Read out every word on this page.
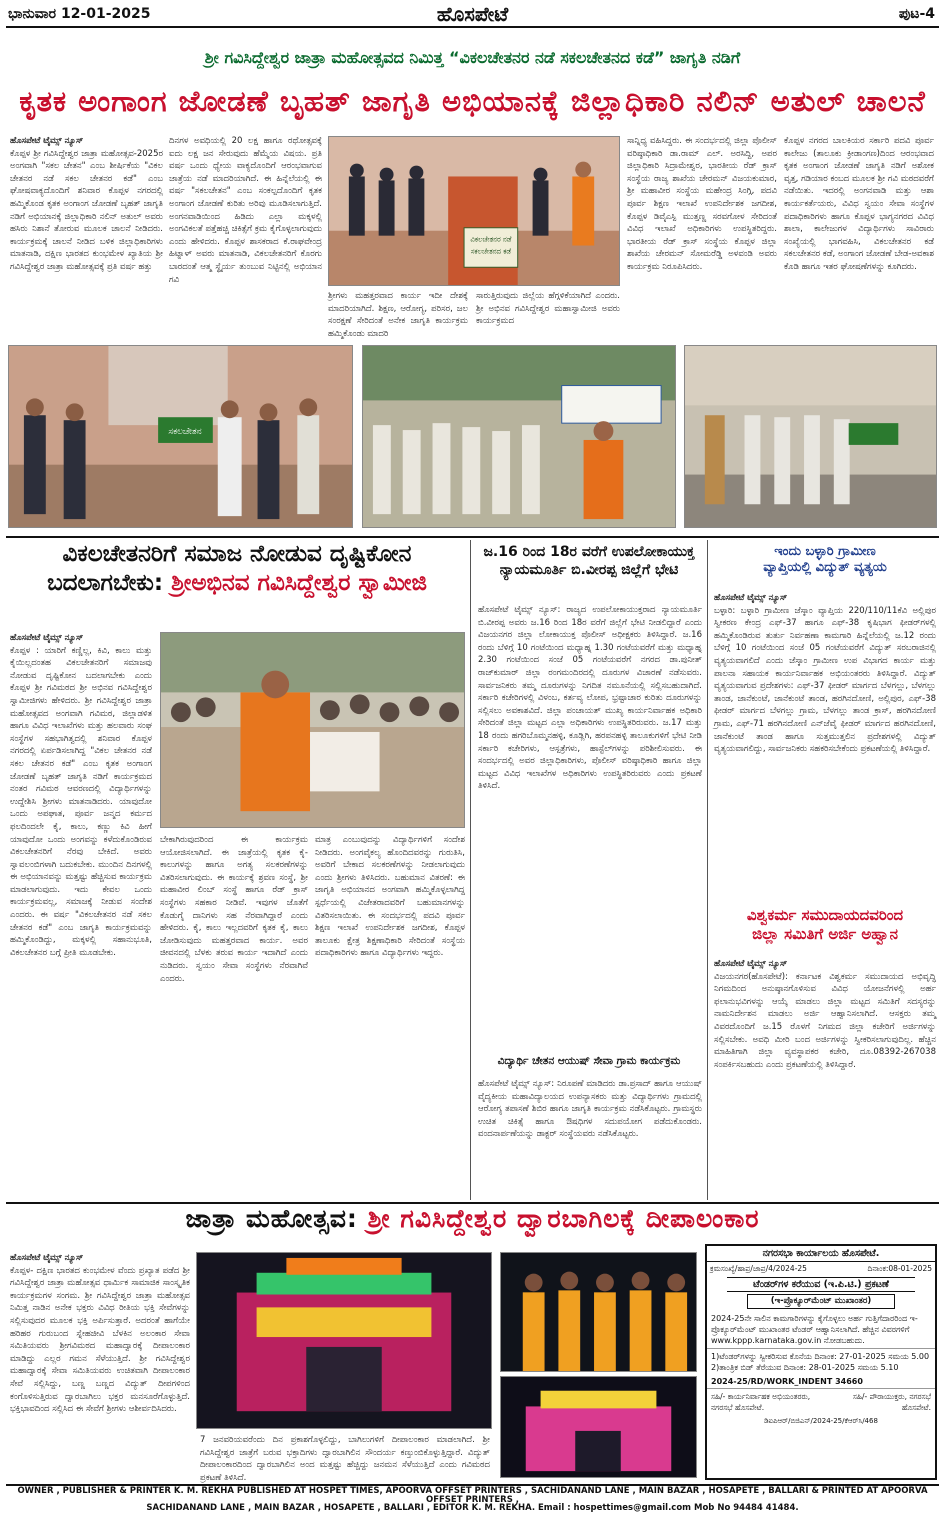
ಭಾನುವಾರ 12-01-2025	ಹೊಸಪೇಟೆ	ಪುಟ-4
ಶ್ರೀ ಗವಿಸಿದ್ದೇಶ್ವರ ಜಾತ್ರಾ ಮಹೋತ್ಸವದ ನಿಮಿತ್ತ “ವಿಕಲಚೇತನರ ನಡೆ ಸಕಲಚೇತನದ ಕಡೆ” ಜಾಗೃತಿ ನಡಿಗೆ
ಕೃತಕ ಅಂಗಾಂಗ ಜೋಡಣೆ ಬೃಹತ್ ಜಾಗೃತಿ ಅಭಿಯಾನಕ್ಕೆ ಜಿಲ್ಲಾಧಿಕಾರಿ ನಲಿನ್ ಅತುಲ್ ಚಾಲನೆ
ಹೊಸಪೇಟೆ ಟೈಮ್ಸ್ ನ್ಯೂಸ್
ಕೊಪ್ಪಳ ಶ್ರೀ ಗವಿಸಿದ್ದೇಶ್ವರ ಜಾತ್ರಾ ಮಹೋತ್ಸವ-2025ರ ಅಂಗವಾಗಿ "ಸಕಲ ಚೇತನ" ಎಂಬ ಶೀರ್ಷಿಕೆಯ "ವಿಕಲ ಚೇತನರ ನಡೆ ಸಕಲ ಚೇತನರ ಕಡೆ" ಎಂಬ ಘೋಷವಾಕ್ಯದೊಂದಿಗೆ ಶನಿವಾರ ಕೊಪ್ಪಳ ನಗರದಲ್ಲಿ ಹಮ್ಮಿಕೊಂಡ ಕೃತಕ ಅಂಗಾಂಗ ಜೋಡಣೆ ಬೃಹತ್ ಜಾಗೃತಿ ನಡಿಗೆ ಅಭಿಯಾನಕ್ಕೆ ಜಿಲ್ಲಾಧಿಕಾರಿ ನಲಿನ್ ಅತುಲ್ ಅವರು ಹಸಿರು ನಿಶಾನೆ ತೋರುವ ಮೂಲಕ ಚಾಲನೆ ನೀಡಿದರು. ಕಾರ್ಯಕ್ರಮಕ್ಕೆ ಚಾಲನೆ ನೀಡಿದ ಬಳಿಕ ಜಿಲ್ಲಾಧಿಕಾರಿಗಳು ಮಾತನಾಡಿ, ದಕ್ಷಿಣ ಭಾರತದ ಕುಂಭಮೇಳ ಖ್ಯಾತಿಯ ಶ್ರೀ ಗವಿಸಿದ್ದೇಶ್ವರ ಜಾತ್ರಾ ಮಹೋತ್ಸವಕ್ಕೆ ಪ್ರತಿ ವರ್ಷ ಹತ್ತು
ದಿನಗಳ ಅವಧಿಯಲ್ಲಿ 20 ಲಕ್ಷ ಹಾಗೂ ರಥೋತ್ಸವಕ್ಕೆ ಐದು ಲಕ್ಷ ಜನ ಸೇರುವುದು ಹೆಮ್ಮೆಯ ವಿಷಯ. ಪ್ರತಿ ವರ್ಷ ಒಂದು ಧ್ಯೇಯ ವಾಕ್ಯದೊಂದಿಗೆ ಆರಂಭವಾಗುವ ಜಾತ್ರೆಯ ನಡೆ ಮಾದರಿಯಾಗಿದೆ. ಈ ಹಿನ್ನೆಲೆಯಲ್ಲಿ ಈ ವರ್ಷ "ಸಕಲಚೇತನ" ಎಂಬ ಸಂಕಲ್ಪದೊಂದಿಗೆ ಕೃತಕ ಅಂಗಾಂಗ ಜೋಡಣೆ ಕುರಿತು ಅರಿವು ಮೂಡಿಸಲಾಗುತ್ತಿದೆ. ಅಂಗನವಾಡಿಯಿಂದ ಹಿಡಿದು ಎಲ್ಲಾ ಮಕ್ಕಳಲ್ಲಿ ಅಂಗವಿಕಲತೆ ಪತ್ತೆಹಚ್ಚಿ ಚಿಕಿತ್ಸೆಗೆ ಕ್ರಮ ಕೈಗೊಳ್ಳಲಾಗುವುದು ಎಂದು ಹೇಳಿದರು. ಕೊಪ್ಪಳ ಶಾಸಕರಾದ ಕೆ.ರಾಘವೇಂದ್ರ ಹಿಟ್ನಾಳ್ ಅವರು ಮಾತನಾಡಿ, ವಿಕಲಚೇತನರಿಗೆ ಕೊರಗು ಬಾರದಂತೆ ಆತ್ಮ ಸ್ಥೈರ್ಯ ತುಂಬುವ ನಿಟ್ಟಿನಲ್ಲಿ ಅಭಿಯಾನ ಗವಿ
ವಿಕಲಚೇತನರ ನಡೆ
ಸಕಲಚೇತನದ ಕಡೆ
ಶ್ರೀಗಳು ಮಹತ್ತರವಾದ ಕಾರ್ಯ ಇದೀ ದೇಶಕ್ಕೆ ಮಾದರಿಯಾಗಿದೆ. ಶಿಕ್ಷಣ, ಆರೋಗ್ಯ, ಪರಿಸರ, ಜಲ ಸಂರಕ್ಷಣೆ ಸೇರಿದಂತೆ ಅನೇಕ ಜಾಗೃತಿ ಕಾರ್ಯಕ್ರಮ ಹಮ್ಮಿಕೊಂಡು ಮಾದರಿ
ಸಾರುತ್ತಿರುವುದು ಜಿಲ್ಲೆಯ ಹೆಗ್ಗಳಿಕೆಯಾಗಿದೆ ಎಂದರು. ಶ್ರೀ ಅಭಿನವ ಗವಿಸಿದ್ದೇಶ್ವರ ಮಹಾಸ್ವಾಮೀಜಿ ಅವರು ಕಾರ್ಯಕ್ರಮದ
ಸಾನ್ನಿಧ್ಯ ವಹಿಸಿದ್ದರು. ಈ ಸಂದರ್ಭದಲ್ಲಿ ಜಿಲ್ಲಾ ಪೊಲೀಸ್ ವರಿಷ್ಠಾಧಿಕಾರಿ ಡಾ.ರಾಮ್ ಎಲ್. ಅರಸಿದ್ದಿ, ಅಪರ ಜಿಲ್ಲಾಧಿಕಾರಿ ಸಿದ್ರಾಮೇಶ್ವರ, ಭಾರತೀಯ ರೆಡ್ ಕ್ರಾಸ್ ಸಂಸ್ಥೆಯ ರಾಜ್ಯ ಶಾಖೆಯ ಚೇರಮನ್ ವಿಜಯಕುಮಾರ, ಶ್ರೀ ಮಹಾವೀರ ಸಂಸ್ಥೆಯ ಮಹೇಂದ್ರ ಸಿಂಗ್ಗಿ, ಪದವಿ ಪೂರ್ವ ಶಿಕ್ಷಣ ಇಲಾಖೆ ಉಪನಿರ್ದೇಶಕ ಜಗದೀಶ, ಕೊಪ್ಪಳ ಡಿವೈಎಸ್ಪಿ ಮುತ್ತಣ್ಣ ಸರವಗೋಳ ಸೇರಿದಂತೆ ವಿವಿಧ ಇಲಾಖೆ ಅಧಿಕಾರಿಗಳು ಉಪಸ್ಥಿತರಿದ್ದರು. ಭಾರತೀಯ ರೆಡ್ ಕ್ರಾಸ್ ಸಂಸ್ಥೆಯ ಕೊಪ್ಪಳ ಜಿಲ್ಲಾ ಶಾಖೆಯ ಚೇರಮನ್ ಸೋಮರೆಡ್ಡಿ ಅಳವಂಡಿ ಅವರು ಕಾರ್ಯಕ್ರಮ ನಿರೂಪಿಸಿದರು.
ಕೊಪ್ಪಳ ನಗರದ ಬಾಲಕಿಯರ ಸರ್ಕಾರಿ ಪದವಿ ಪೂರ್ವ ಕಾಲೇಜು (ತಾಲೂಕು ಕ್ರೀಡಾಂಗಣ)ದಿಂದ ಆರಂಭವಾದ ಕೃತಕ ಅಂಗಾಂಗ ಜೋಡಣೆ ಜಾಗೃತಿ ನಡಿಗೆ ಅಶೋಕ ವೃತ್ತ, ಗಡಿಯಾರ ಕಂಬದ ಮೂಲಕ ಶ್ರೀ ಗವಿ ಮಠದವರೆಗೆ ನಡೆಯಿತು. ಇದರಲ್ಲಿ ಅಂಗನವಾಡಿ ಮತ್ತು ಆಶಾ ಕಾರ್ಯಕರ್ತೆಯರು, ವಿವಿಧ ಸ್ವಯಂ ಸೇವಾ ಸಂಸ್ಥೆಗಳ ಪದಾಧಿಕಾರಿಗಳು ಹಾಗೂ ಕೊಪ್ಪಳ ಭಾಗ್ಯನಗರದ ವಿವಿಧ ಶಾಲಾ, ಕಾಲೇಜುಗಳ ವಿದ್ಯಾರ್ಥಿಗಳು ಸಾವಿರಾರು ಸಂಖ್ಯೆಯಲ್ಲಿ ಭಾಗವಹಿಸಿ, ವಿಕಲಚೇತನರ ಕಡೆ ಸಕಲಚೇತನರ ಕಡೆ, ಅಂಗಾಂಗ ಜೋಡಣೆ ಬೇಡ-ಅವಕಾಶ ಕೊಡಿ ಹಾಗೂ ಇತರ ಘೋಷಣೆಗಳನ್ನು ಕೂಗಿದರು.
ಸಕಲಚೇತನ
ವಿಕಲಚೇತನರಿಗೆ ಸಮಾಜ ನೋಡುವ ದೃಷ್ಟಿಕೋನ
ಬದಲಾಗಬೇಕು: ಶ್ರೀಅಭಿನವ ಗವಿಸಿದ್ದೇಶ್ವರ ಸ್ವಾಮೀಜಿ
ಹೊಸಪೇಟೆ ಟೈಮ್ಸ್ ನ್ಯೂಸ್
ಕೊಪ್ಪಳ : ಯಾರಿಗೆ ಕಣ್ಣಿಲ್ಲ, ಕಿವಿ, ಕಾಲು ಮತ್ತು ಕೈಯಿಲ್ಲದಂತಹ ವಿಕಲಚೇತನರಿಗೆ ಸಮಾಜವು ನೋಡುವ ದೃಷ್ಟಿಕೋನ ಬದಲಾಗಬೇಕು ಎಂದು ಕೊಪ್ಪಳ ಶ್ರೀ ಗವಿಮಠದ ಶ್ರೀ ಅಭಿನವ ಗವಿಸಿದ್ದೇಶ್ವರ ಸ್ವಾಮೀಜಿಗಳು ಹೇಳಿದರು. ಶ್ರೀ ಗವಿಸಿದ್ದೇಶ್ವರ ಜಾತ್ರಾ ಮಹೋತ್ಸವದ ಅಂಗವಾಗಿ ಗವಿಮಠ, ಜಿಲ್ಲಾಡಳಿತ ಹಾಗೂ ವಿವಿಧ ಇಲಾಖೆಗಳು ಮತ್ತು ಹಲವಾರು ಸಂಘ ಸಂಸ್ಥೆಗಳ ಸಹಭಾಗಿತ್ವದಲ್ಲಿ ಶನಿವಾರ ಕೊಪ್ಪಳ ನಗರದಲ್ಲಿ ಏರ್ಪಡಿಸಲಾಗಿದ್ದ "ವಿಕಲ ಚೇತನರ ನಡೆ ಸಕಲ ಚೇತನರ ಕಡೆ" ಎಂಬ ಕೃತಕ ಅಂಗಾಂಗ ಜೋಡಣೆ ಬೃಹತ್ ಜಾಗೃತಿ ನಡಿಗೆ ಕಾರ್ಯಕ್ರಮದ ನಂತರ ಗವಿಮಠ ಆವರಣದಲ್ಲಿ ವಿದ್ಯಾರ್ಥಿಗಳನ್ನು ಉದ್ದೇಶಿಸಿ ಶ್ರೀಗಳು ಮಾತನಾಡಿದರು. ಯಾವುದೋ ಒಂದು ಅಪಘಾತ, ಪೂರ್ವ ಜನ್ಮದ ಕರ್ಮದ ಫಲದಿಂದಲೇ ಕೈ, ಕಾಲು, ಕಣ್ಣು ಕಿವಿ ಹೀಗೆ ಯಾವುದೋ ಒಂದು ಅಂಗವನ್ನು ಕಳೆದುಕೊಂಡಿರುವ ವಿಕಲಚೇತನರಿಗೆ ನೆರವು ಬೇಕಿದೆ. ಅವರು ಸ್ವಾವಲಂಬಿಗಳಾಗಿ ಬದುಕಬೇಕು. ಮುಂದಿನ ದಿನಗಳಲ್ಲಿ ಈ ಅಭಿಯಾನವನ್ನು ಮತ್ತಷ್ಟು ಹೆಚ್ಚಿಸುವ ಕಾರ್ಯಕ್ರಮ ಮಾಡಲಾಗುವುದು. ಇದು ಕೇವಲ ಒಂದು ಕಾರ್ಯಕ್ರಮವಲ್ಲ, ಸಮಾಜಕ್ಕೆ ನೀಡುವ ಸಂದೇಶ ಎಂದರು. ಈ ವರ್ಷ "ವಿಕಲಚೇತನರ ನಡೆ ಸಕಲ ಚೇತನರ ಕಡೆ" ಎಂಬ ಜಾಗೃತಿ ಕಾರ್ಯಕ್ರಮವನ್ನು ಹಮ್ಮಿಕೊಂಡಿದ್ದು, ಮಕ್ಕಳಲ್ಲಿ ಸಹಾನುಭೂತಿ, ವಿಕಲಚೇತನರ ಬಗ್ಗೆ ಪ್ರೀತಿ ಮೂಡಬೇಕು.
ಬೇಕಾಗಿರುವುದರಿಂದ ಈ ಕಾರ್ಯಕ್ರಮ ಆಯೋಜಿಸಲಾಗಿದೆ. ಈ ಜಾತ್ರೆಯಲ್ಲಿ ಕೃತಕ ಕೈ-ಕಾಲುಗಳನ್ನು ಹಾಗೂ ಅಗತ್ಯ ಸಲಕರಣೆಗಳನ್ನು ವಿತರಿಸಲಾಗುವುದು. ಈ ಕಾರ್ಯಕ್ಕೆ ಶ್ರವಣ ಸಂಸ್ಥೆ, ಶ್ರೀ ಮಹಾವೀರ ಲಿಂಬ್ ಸಂಸ್ಥೆ ಹಾಗೂ ರೆಡ್ ಕ್ರಾಸ್ ಸಂಸ್ಥೆಗಳು ಸಹಕಾರ ನೀಡಿವೆ. ಇವುಗಳ ಜೊತೆಗೆ ಕೊಡುಗೈ ದಾನಿಗಳು ಸಹ ನೆರವಾಗಿದ್ದಾರೆ ಎಂದು ಹೇಳಿದರು. ಕೈ, ಕಾಲು ಇಲ್ಲದವರಿಗೆ ಕೃತಕ ಕೈ, ಕಾಲು ಜೋಡಿಸುವುದು ಮಹತ್ತರವಾದ ಕಾರ್ಯ. ಅವರ ಜೀವನದಲ್ಲಿ ಬೆಳಕು ತರುವ ಕಾರ್ಯ ಇದಾಗಿದೆ ಎಂದು ನುಡಿದರು. ಸ್ವಯಂ ಸೇವಾ ಸಂಸ್ಥೆಗಳು ನೆರವಾಗಿವೆ ಎಂದರು.
ಮಾತ್ರ ಎಂಬುವುದನ್ನು ವಿದ್ಯಾರ್ಥಿಗಳಿಗೆ ಸಂದೇಶ ನೀಡಿದರು. ಅಂಗವೈಕಲ್ಯ ಹೊಂದಿದವರನ್ನು ಗುರುತಿಸಿ, ಅವರಿಗೆ ಬೇಕಾದ ಸಲಕರಣೆಗಳನ್ನು ನೀಡಲಾಗುವುದು ಎಂದು ಶ್ರೀಗಳು ತಿಳಿಸಿದರು. ಬಹುಮಾನ ವಿತರಣೆ: ಈ ಜಾಗೃತಿ ಅಭಿಯಾನದ ಅಂಗವಾಗಿ ಹಮ್ಮಿಕೊಳ್ಳಲಾಗಿದ್ದ ಸ್ಪರ್ಧೆಯಲ್ಲಿ ವಿಜೇತರಾದವರಿಗೆ ಬಹುಮಾನಗಳನ್ನು ವಿತರಿಸಲಾಯಿತು. ಈ ಸಂದರ್ಭದಲ್ಲಿ ಪದವಿ ಪೂರ್ವ ಶಿಕ್ಷಣ ಇಲಾಖೆ ಉಪನಿರ್ದೇಶಕ ಜಗದೀಶ, ಕೊಪ್ಪಳ ತಾಲೂಕು ಕ್ಷೇತ್ರ ಶಿಕ್ಷಣಾಧಿಕಾರಿ ಸೇರಿದಂತೆ ಸಂಸ್ಥೆಯ ಪದಾಧಿಕಾರಿಗಳು ಹಾಗೂ ವಿದ್ಯಾರ್ಥಿಗಳು ಇದ್ದರು.
ಜ.16 ರಿಂದ 18ರ ವರೆಗೆ ಉಪಲೋಕಾಯುಕ್ತ
ನ್ಯಾಯಮೂರ್ತಿ ಬಿ.ವೀರಪ್ಪ ಜಿಲ್ಲೆಗೆ ಭೇಟಿ
ಹೊಸಪೇಟೆ ಟೈಮ್ಸ್ ನ್ಯೂಸ್: ರಾಜ್ಯದ ಉಪಲೋಕಾಯುಕ್ತರಾದ ನ್ಯಾಯಮೂರ್ತಿ ಬಿ.ವೀರಪ್ಪ ಅವರು ಜ.16 ರಿಂದ 18ರ ವರೆಗೆ ಜಿಲ್ಲೆಗೆ ಭೇಟಿ ನೀಡಲಿದ್ದಾರೆ ಎಂದು ವಿಜಯನಗರ ಜಿಲ್ಲಾ ಲೋಕಾಯುಕ್ತ ಪೊಲೀಸ್ ಅಧೀಕ್ಷಕರು ತಿಳಿಸಿದ್ದಾರೆ. ಜ.16 ರಂದು ಬೆಳಿಗ್ಗೆ 10 ಗಂಟೆಯಿಂದ ಮಧ್ಯಾಹ್ನ 1.30 ಗಂಟೆಯವರೆಗೆ ಮತ್ತು ಮಧ್ಯಾಹ್ನ 2.30 ಗಂಟೆಯಿಂದ ಸಂಜೆ 05 ಗಂಟೆಯವರೆಗೆ ನಗರದ ಡಾ.ಪುನೀತ್ ರಾಜ್‍ಕುಮಾರ್ ಜಿಲ್ಲಾ ರಂಗಮಂದಿರದಲ್ಲಿ ದೂರುಗಳ ವಿಚಾರಣೆ ನಡೆಸುವರು. ಸಾರ್ವಜನಿಕರು ತಮ್ಮ ದೂರುಗಳನ್ನು ನಿಗದಿತ ನಮೂನೆಯಲ್ಲಿ ಸಲ್ಲಿಸಬಹುದಾಗಿದೆ. ಸರ್ಕಾರಿ ಕಚೇರಿಗಳಲ್ಲಿ ವಿಳಂಬ, ಕರ್ತವ್ಯ ಲೋಪ, ಭ್ರಷ್ಟಾಚಾರ ಕುರಿತು ದೂರುಗಳನ್ನು ಸಲ್ಲಿಸಲು ಅವಕಾಶವಿದೆ. ಜಿಲ್ಲಾ ಪಂಚಾಯತ್ ಮುಖ್ಯ ಕಾರ್ಯನಿರ್ವಾಹಕ ಅಧಿಕಾರಿ ಸೇರಿದಂತೆ ಜಿಲ್ಲಾ ಮಟ್ಟದ ಎಲ್ಲಾ ಅಧಿಕಾರಿಗಳು ಉಪಸ್ಥಿತರಿರುವರು. ಜ.17 ಮತ್ತು 18 ರಂದು ಹಗರಿಬೊಮ್ಮನಹಳ್ಳಿ, ಕೂಡ್ಲಿಗಿ, ಹರಪನಹಳ್ಳಿ ತಾಲೂಕುಗಳಿಗೆ ಭೇಟಿ ನೀಡಿ ಸರ್ಕಾರಿ ಕಚೇರಿಗಳು, ಆಸ್ಪತ್ರೆಗಳು, ಹಾಸ್ಟೆಲ್‍ಗಳನ್ನು ಪರಿಶೀಲಿಸುವರು. ಈ ಸಂದರ್ಭದಲ್ಲಿ ಅವರ ಜಿಲ್ಲಾಧಿಕಾರಿಗಳು, ಪೊಲೀಸ್ ವರಿಷ್ಠಾಧಿಕಾರಿ ಹಾಗೂ ಜಿಲ್ಲಾ ಮಟ್ಟದ ವಿವಿಧ ಇಲಾಖೆಗಳ ಅಧಿಕಾರಿಗಳು ಉಪಸ್ಥಿತರಿರುವರು ಎಂದು ಪ್ರಕಟಣೆ ತಿಳಿಸಿದೆ.
ವಿದ್ಯಾರ್ಥಿ ಚೇತನ ಆಯುಷ್ ಸೇವಾ ಗ್ರಾಮ ಕಾರ್ಯಕ್ರಮ
ಹೊಸಪೇಟೆ ಟೈಮ್ಸ್ ನ್ಯೂಸ್: ನಿರೂಪಣೆ ಮಾಡಿದರು ಡಾ.ಪ್ರಸಾದ್ ಹಾಗೂ ಆಯುಷ್ ವೈದ್ಯಕೀಯ ಮಹಾವಿದ್ಯಾಲಯದ ಉಪನ್ಯಾಸಕರು ಮತ್ತು ವಿದ್ಯಾರ್ಥಿಗಳು ಗ್ರಾಮದಲ್ಲಿ ಆರೋಗ್ಯ ತಪಾಸಣೆ ಶಿಬಿರ ಹಾಗೂ ಜಾಗೃತಿ ಕಾರ್ಯಕ್ರಮ ನಡೆಸಿಕೊಟ್ಟರು. ಗ್ರಾಮಸ್ಥರು ಉಚಿತ ಚಿಕಿತ್ಸೆ ಹಾಗೂ ಔಷಧಿಗಳ ಸದುಪಯೋಗ ಪಡೆದುಕೊಂಡರು. ವಂದನಾರ್ಪಣೆಯನ್ನು ಡಾಕ್ಟರ್ ಸಂಸ್ಥೆಯವರು ನಡೆಸಿಕೊಟ್ಟರು.
ಇಂದು ಬಳ್ಳಾರಿ ಗ್ರಾಮೀಣ
ವ್ಯಾಪ್ತಿಯಲ್ಲಿ ವಿದ್ಯುತ್ ವ್ಯತ್ಯಯ
ಹೊಸಪೇಟೆ ಟೈಮ್ಸ್ ನ್ಯೂಸ್
ಬಳ್ಳಾರಿ: ಬಳ್ಳಾರಿ ಗ್ರಾಮೀಣ ಜೆಸ್ಕಾಂ ವ್ಯಾಪ್ತಿಯ 220/110/11ಕೆವಿ ಅಲ್ಲಿಪುರ ಸ್ವೀಕರಣ ಕೇಂದ್ರ ಎಫ್-37 ಹಾಗೂ ಎಫ್-38 ಕೃಷಿಭಾಗ ಫೀಡರ್‌ಗಳಲ್ಲಿ ಹಮ್ಮಿಕೊಂಡಿರುವ ತುರ್ತು ನಿರ್ವಹಣಾ ಕಾಮಗಾರಿ ಹಿನ್ನೆಲೆಯಲ್ಲಿ ಜ.12 ರಂದು ಬೆಳಿಗ್ಗೆ 10 ಗಂಟೆಯಿಂದ ಸಂಜೆ 05 ಗಂಟೆಯವರೆಗೆ ವಿದ್ಯುತ್ ಸರಬರಾಜಿನಲ್ಲಿ ವ್ಯತ್ಯಯವಾಗಲಿದೆ ಎಂದು ಜೆಸ್ಕಾಂ ಗ್ರಾಮೀಣ ಉಪ ವಿಭಾಗದ ಕಾರ್ಯ ಮತ್ತು ಪಾಲನಾ ಸಹಾಯಕ ಕಾರ್ಯನಿರ್ವಾಹಕ ಅಭಿಯಂತರರು ತಿಳಿಸಿದ್ದಾರೆ. ವಿದ್ಯುತ್ ವ್ಯತ್ಯಯವಾಗುವ ಪ್ರದೇಶಗಳು: ಎಫ್-37 ಫೀಡರ್ ಮಾರ್ಗದ ಬೆಳಗಲ್ಲು, ಬೆಳಗಲ್ಲು ತಾಂಡ, ಜಾನೆಕುಂಟೆ, ಜಾನೆಕುಂಟೆ ತಾಂಡ, ಹರಗಿನದೋಣಿ, ಅಲ್ಲಿಪುರ, ಎಫ್-38 ಫೀಡರ್ ಮಾರ್ಗದ ಬೆಳಗಲ್ಲು ಗ್ರಾಮ, ಬೆಳಗಲ್ಲು ತಾಂಡ ಕ್ರಾಸ್, ಹರಗಿನದೋಣಿ ಗ್ರಾಮ, ಎಫ್-71 ಹರಗಿನದೋಣಿ ಎನ್‌ಜೆವೈ ಫೀಡರ್ ಮಾರ್ಗದ ಹರಗಿನದೋಣಿ, ಜಾನೆಕುಂಟೆ ತಾಂಡ ಹಾಗೂ ಸುತ್ತಮುತ್ತಲಿನ ಪ್ರದೇಶಗಳಲ್ಲಿ ವಿದ್ಯುತ್ ವ್ಯತ್ಯಯವಾಗಲಿದ್ದು, ಸಾರ್ವಜನಿಕರು ಸಹಕರಿಸಬೇಕೆಂದು ಪ್ರಕಟಣೆಯಲ್ಲಿ ತಿಳಿಸಿದ್ದಾರೆ.
ವಿಶ್ವಕರ್ಮ ಸಮುದಾಯದವರಿಂದ
ಜಿಲ್ಲಾ ಸಮಿತಿಗೆ ಅರ್ಜಿ ಅಹ್ವಾನ
ಹೊಸಪೇಟೆ ಟೈಮ್ಸ್ ನ್ಯೂಸ್
ವಿಜಯನಗರ(ಹೊಸಪೇಟೆ): ಕರ್ನಾಟಕ ವಿಶ್ವಕರ್ಮ ಸಮುದಾಯದ ಅಭಿವೃದ್ಧಿ ನಿಗಮದಿಂದ ಅನುಷ್ಠಾನಗೊಳಿಸುವ ವಿವಿಧ ಯೋಜನೆಗಳಲ್ಲಿ ಅರ್ಹ ಫಲಾನುಭವಿಗಳನ್ನು ಆಯ್ಕೆ ಮಾಡಲು ಜಿಲ್ಲಾ ಮಟ್ಟದ ಸಮಿತಿಗೆ ಸದಸ್ಯರನ್ನು ನಾಮನಿರ್ದೇಶನ ಮಾಡಲು ಅರ್ಜಿ ಆಹ್ವಾನಿಸಲಾಗಿದೆ. ಆಸಕ್ತರು ತಮ್ಮ ವಿವರದೊಂದಿಗೆ ಜ.15 ರೊಳಗೆ ನಿಗಮದ ಜಿಲ್ಲಾ ಕಚೇರಿಗೆ ಅರ್ಜಿಗಳನ್ನು ಸಲ್ಲಿಸಬೇಕು. ಅವಧಿ ಮೀರಿ ಬಂದ ಅರ್ಜಿಗಳನ್ನು ಸ್ವೀಕರಿಸಲಾಗುವುದಿಲ್ಲ. ಹೆಚ್ಚಿನ ಮಾಹಿತಿಗಾಗಿ ಜಿಲ್ಲಾ ವ್ಯವಸ್ಥಾಪಕರ ಕಚೇರಿ, ದೂ.08392-267038 ಸಂಪರ್ಕಿಸಬಹುದು ಎಂದು ಪ್ರಕಟಣೆಯಲ್ಲಿ ತಿಳಿಸಿದ್ದಾರೆ.
ಜಾತ್ರಾ ಮಹೋತ್ಸವ: ಶ್ರೀ ಗವಿಸಿದ್ದೇಶ್ವರ ದ್ವಾರಬಾಗಿಲಕ್ಕೆ ದೀಪಾಲಂಕಾರ
ಹೊಸಪೇಟೆ ಟೈಮ್ಸ್ ನ್ಯೂಸ್
ಕೊಪ್ಪಳ- ದಕ್ಷಿಣ ಭಾರತದ ಕುಂಭಮೇಳ ವೆಂದು ಪ್ರಖ್ಯಾತ ಪಡೆದ ಶ್ರೀ ಗವಿಸಿದ್ದೇಶ್ವರ ಜಾತ್ರಾ ಮಹೋತ್ಸವ ಧಾರ್ಮಿಕ ಸಾಮಾಜಿಕ ಸಾಂಸ್ಕೃತಿಕ ಕಾರ್ಯಕ್ರಮಗಳ ಸಂಗಮ. ಶ್ರೀ ಗವಿಸಿದ್ದೇಶ್ವರ ಜಾತ್ರಾ ಮಹೋತ್ಸವ ನಿಮಿತ್ತ ನಾಡಿನ ಅನೇಕ ಭಕ್ತರು ವಿವಿಧ ರೀತಿಯ ಭಕ್ತಿ ಸೇವೆಗಳನ್ನು ಸಲ್ಲಿಸುವುದರ ಮೂಲಕ ಭಕ್ತಿ ಅರ್ಪಿಸುತ್ತಾರೆ. ಅದರಂತೆ ಹಾಗೆಯೇ ಹರಿಹರ ಗುರುಬಂದ ಸ್ನೇಹಜೀವಿ ಬೆಳಕಿನ ಅಲಂಕಾರ ಸೇವಾ ಸಮಿತಿಯವರು ಶ್ರೀಗವಿಮಠದ ಮಹಾದ್ವಾರಕ್ಕೆ ದೀಪಾಲಂಕಾರ ಮಾಡಿದ್ದು ಎಲ್ಲರ ಗಮನ ಸೆಳೆಯುತ್ತಿದೆ. ಶ್ರೀ ಗವಿಸಿದ್ದೇಶ್ವರ ಮಹಾದ್ವಾರಕ್ಕೆ ಸೇವಾ ಸಮಿತಿಯವರು ಉಚಿತವಾಗಿ ದೀಪಾಲಂಕಾರ ಸೇವೆ ಸಲ್ಲಿಸಿದ್ದು, ಬಣ್ಣ ಬಣ್ಣದ ವಿದ್ಯುತ್ ದೀಪಗಳಿಂದ ಕಂಗೊಳಿಸುತ್ತಿರುವ ದ್ವಾರಬಾಗಿಲು ಭಕ್ತರ ಮನಸೂರೆಗೊಳ್ಳುತ್ತಿದೆ. ಭಕ್ತಿಭಾವದಿಂದ ಸಲ್ಲಿಸಿದ ಈ ಸೇವೆಗೆ ಶ್ರೀಗಳು ಆಶೀರ್ವದಿಸಿದರು.
7 ಜನವರಿಯವರೆಂದು ದಿನ ಪ್ರಕಾಶಗೊಳ್ಳಲಿದ್ದು, ಬಾಗಿಲುಗಳಿಗೆ ದೀಪಾಲಂಕಾರ ಮಾಡಲಾಗಿದೆ. ಶ್ರೀ ಗವಿಸಿದ್ದೇಶ್ವರ ಜಾತ್ರೆಗೆ ಬರುವ ಭಕ್ತಾದಿಗಳು ದ್ವಾರಬಾಗಿಲಿನ ಸೌಂದರ್ಯ ಕಣ್ತುಂಬಿಕೊಳ್ಳುತ್ತಿದ್ದಾರೆ. ವಿದ್ಯುತ್ ದೀಪಾಲಂಕಾರದಿಂದ ದ್ವಾರಬಾಗಿಲಿನ ಅಂದ ಮತ್ತಷ್ಟು ಹೆಚ್ಚಿದ್ದು ಜನಮನ ಸೆಳೆಯುತ್ತಿದೆ ಎಂದು ಗವಿಮಠದ ಪ್ರಕಟಣೆ ತಿಳಿಸಿದೆ.
ನಗರಸಭಾ ಕಾರ್ಯಾಲಯ ಹೊಸಪೇಟೆ.
ಕ್ರಮಸಂಖ್ಯೆ/ಹಾಪ್ರ/ಜಾಪ್ರ/4/2024-25	ದಿನಾಂಕ:08-01-2025
ಟೆಂಡರ್‌ಗಳ ಕರೆಯುವ (ಇ.ಪಿ.ಟಿ.) ಪ್ರಕಟಣೆ
(ಇ-ಪ್ರೊಕ್ಯೂರ್‌ಮೆಂಟ್ ಮುಖಾಂತರ)
2024-25ನೇ ಸಾಲಿನ ಕಾಮಗಾರಿಗಳನ್ನು ಕೈಗೊಳ್ಳಲು ಅರ್ಹ ಗುತ್ತಿಗೆದಾರರಿಂದ ಇ-ಪ್ರೊಕ್ಯೂರ್‌ಮೆಂಟ್ ಮುಖಾಂತರ ಟೆಂಡರ್ ಆಹ್ವಾನಿಸಲಾಗಿದೆ. ಹೆಚ್ಚಿನ ವಿವರಗಳಿಗೆ www.kppp.karnataka.gov.in ನೋಡಬಹುದು.
1)ಟೆಂಡರ್‌ಗಳನ್ನು ಸ್ವೀಕರಿಸುವ ಕೊನೆಯ ದಿನಾಂಕ: 27-01-2025 ಸಮಯ 5.00 2)ತಾಂತ್ರಿಕ ಬಿಡ್ ತೆರೆಯುವ ದಿನಾಂಕ: 28-01-2025 ಸಮಯ 5.10
2024-25/RD/WORK_INDENT 34660
ಸಹಿ/- ಕಾರ್ಯನಿರ್ವಾಹಕ ಅಭಿಯಂತರರು, ನಗರಸಭೆ ಹೊಸಪೇಟೆ.
ಸಹಿ/- ಪೌರಾಯುಕ್ತರು, ನಗರಸಭೆ ಹೊಸಪೇಟೆ.
ಡಿಐಪಿಆರ್/ಬಿಜಿಎನ್/2024-25/ಕೆಆರ್‌ಸಿ/468
OWNER , PUBLISHER & PRINTER K. M. REKHA PUBLISHED AT HOSPET TIMES, APOORVA OFFSET PRINTERS , SACHIDANAND LANE , MAIN BAZAR , HOSAPETE , BALLARI & PRINTED AT APOORVA OFFSET PRINTERS ,
SACHIDANAND LANE , MAIN BAZAR , HOSAPETE , BALLARI , EDITOR K. M. REKHA. Email : hospettimes@gmail.com Mob No 94484 41484.
